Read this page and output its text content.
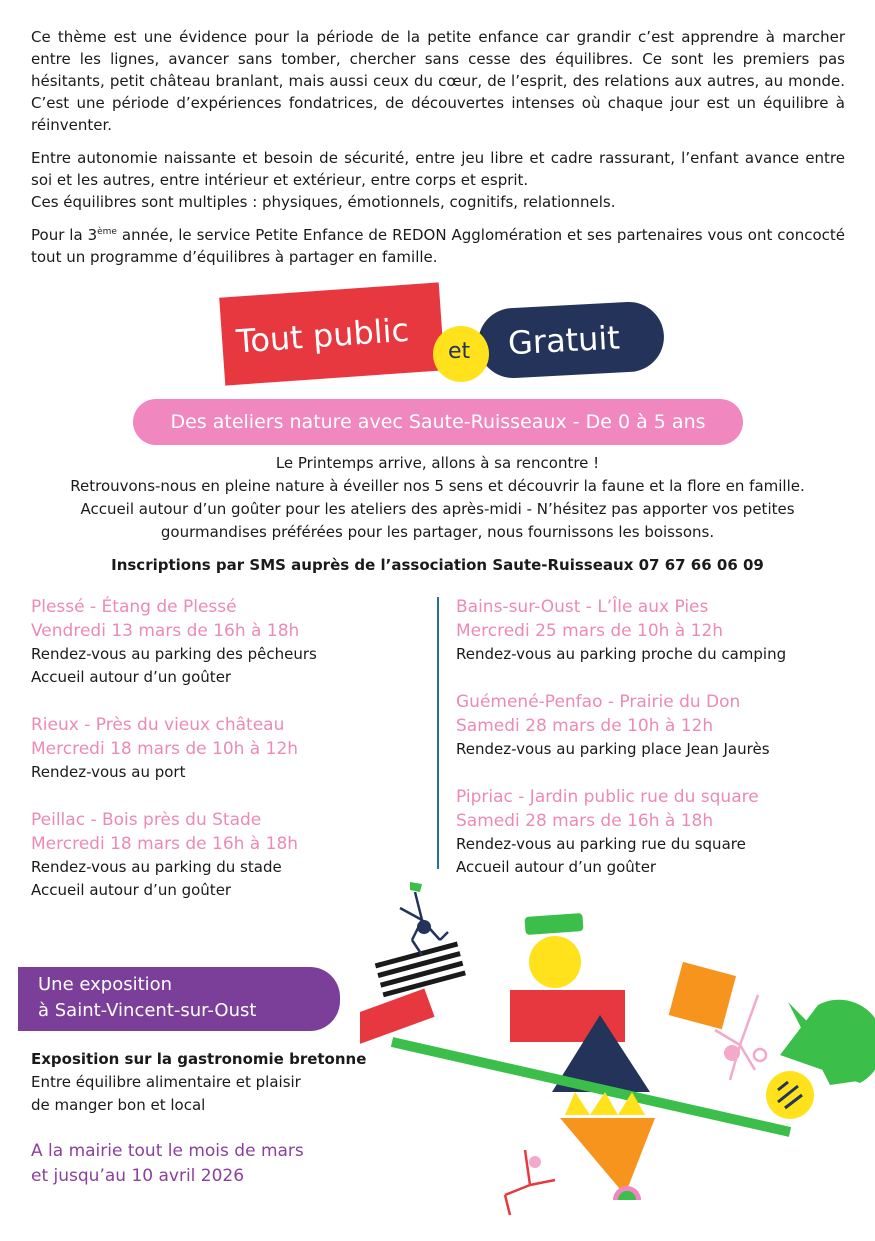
Ce thème est une évidence pour la période de la petite enfance car grandir c’est apprendre à marcher entre les lignes, avancer sans tomber, chercher sans cesse des équilibres. Ce sont les premiers pas hésitants, petit château branlant, mais aussi ceux du cœur, de l’esprit, des relations aux autres, au monde. C’est une période d’expériences fondatrices, de découvertes intenses où chaque jour est un équilibre à réinventer.

Entre autonomie naissante et besoin de sécurité, entre jeu libre et cadre rassurant, l’enfant avance entre soi et les autres, entre intérieur et extérieur, entre corps et esprit.
Ces équilibres sont multiples : physiques, émotionnels, cognitifs, relationnels.

Pour la 3ème année, le service Petite Enfance de REDON Agglomération et ses partenaires vous ont concocté tout un programme d’équilibres à partager en famille.

Tout public	Gratuit
et
Des ateliers nature avec Saute-Ruisseaux - De 0 à 5 ans
Le Printemps arrive, allons à sa rencontre !
Retrouvons-nous en pleine nature à éveiller nos 5 sens et découvrir la faune et la flore en famille.
Accueil autour d’un goûter pour les ateliers des après-midi - N’hésitez pas apporter vos petites
gourmandises préférées pour les partager, nous fournissons les boissons.
Inscriptions par SMS auprès de l’association Saute-Ruisseaux 07 67 66 06 09
Plessé - Étang de Plessé
Vendredi 13 mars de 16h à 18h
Rendez-vous au parking des pêcheurs
Accueil autour d’un goûter
Rieux - Près du vieux château
Mercredi 18 mars de 10h à 12h
Rendez-vous au port
Peillac - Bois près du Stade
Mercredi 18 mars de 16h à 18h
Rendez-vous au parking du stade
Accueil autour d’un goûter
Bains-sur-Oust - L’Île aux Pies
Mercredi 25 mars de 10h à 12h
Rendez-vous au parking proche du camping
Guémené-Penfao - Prairie du Don
Samedi 28 mars de 10h à 12h
Rendez-vous au parking place Jean Jaurès
Pipriac - Jardin public rue du square
Samedi 28 mars de 16h à 18h
Rendez-vous au parking rue du square
Accueil autour d’un goûter
Une exposition
à Saint-Vincent-sur-Oust
Exposition sur la gastronomie bretonne
Entre équilibre alimentaire et plaisir
de manger bon et local
A la mairie tout le mois de mars
et jusqu’au 10 avril 2026
